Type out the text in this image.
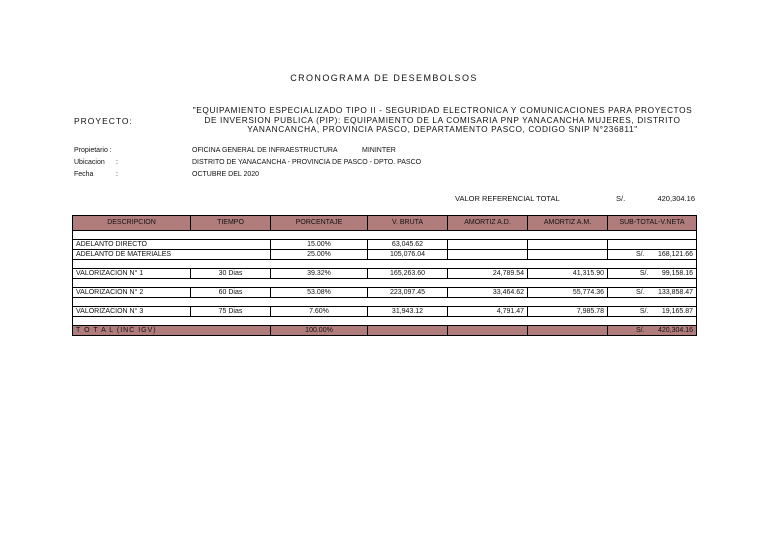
CRONOGRAMA DE DESEMBOLSOS
PROYECTO:
"EQUIPAMIENTO ESPECIALIZADO TIPO II - SEGURIDAD ELECTRONICA Y COMUNICACIONES PARA PROYECTOS
DE INVERSION PUBLICA (PIP): EQUIPAMIENTO DE LA COMISARIA PNP YANACANCHA MUJERES, DISTRITO
YANANCANCHA, PROVINCIA PASCO, DEPARTAMENTO PASCO, CODIGO SNIP N°236811"
Propietario :	OFICINA GENERAL DE INFRAESTRUCTURA	MININTER
Ubicacion :	DISTRITO DE YANACANCHA - PROVINCIA DE PASCO - DPTO. PASCO
Fecha	:	OCTUBRE DEL 2020
VALOR REFERENCIAL TOTAL	S/.	420,304.16
DESCRIPCION	TIEMPO	PORCENTAJE	V. BRUTA	AMORTIZ A.D.	AMORTIZ A.M.	SUB-TOTAL-V.NETA

ADELANTO DIRECTO		15.00%	63,045.62			
ADELANTO DE MATERIALES		25.00%	105,076.04			S/. 168,121.66

VALORIZACION N° 1	30 Dias	39.32%	165,263.60	24,789.54	41,315.90	S/. 99,158.16

VALORIZACION N° 2	60 Dias	53.08%	223,097.45	33,464.62	55,774.36	S/. 133,858.47

VALORIZACION N° 3	75 Dias	7.60%	31,943.12	4,791.47	7,985.78	S/. 19,165.87

T O T A L (INC IGV)		100.00%				S/. 420,304.16
